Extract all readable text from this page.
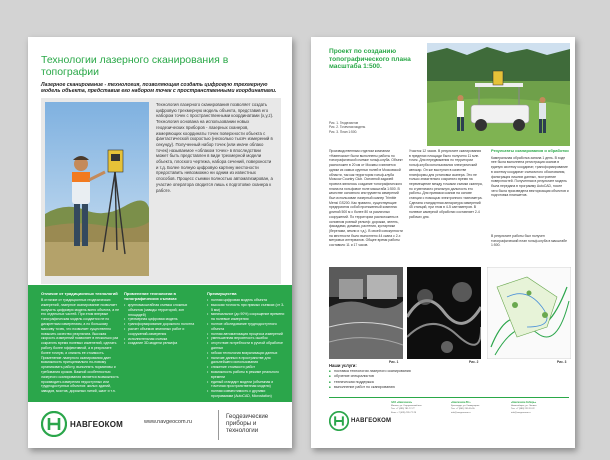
Технологии лазерного сканирования в топографии
Лазерное сканирование - технология, позволяющая создать цифровую трехмерную модель объекта, представив его набором точек с пространственными координатами.
Технология лазерного сканирования позволяет создать цифровую трехмерную модель объекта, представив его набором точек с пространственными координатами (x,y,z). Технология основана на использовании новых геодезических приборов - лазерных сканеров, измеряющих координаты точек поверхности объекта с фантастической скоростью (несколько тысяч измерений в секунду). Полученный набор точек (или иначе облако точек) называемое «облаком точек» в впоследствии может быть представлен в виде трехмерной модели объекта, плоского чертежа, набора сечений, поверхности и т.д. Более полную цифровую картину местоности предоставить невозможно ни одним из известных способов. Процесс съемки полностью автоматизирован, а участие оператора сводится лишь к подготовке сканера к работе.
Отличие от традиционных технологий
В отличие от традиционных геодезических измерений, лазерное сканирование позволяет получить цифровую модель всего объекта, а не его отдельных частей. При этом впервые топографическая модель создается не по дискретным измерениям, а по большому массиву точек, что позволяет существенно повысить качество результата. Высокая скорость измерений позволяет в несколько раз сократить время полевых изменений, сделать работу более эффективной, а в результате более точную, и снизить ее стоимость. Применение лазерного сканирования дает возможность принципиально по-новому организовать работу, выполнять нормативы и требования сроков. Важной особенностью лазерного сканирования является возможность производить измерения недоступных или труднодоступных объектов: жилых зданий, заводов, мостов, дорожных линий, шахт и т.п.
Применение технологии в топографических съемках
• крупномасштабная съемка сложных объектов (заводы территорий, зон площадей)
• трехмерная цифровая модель
• трансформирование дорожного полотна
• расчет объемов земляных работ и сооружений-измерения
• исполнительная съемка
• создание 3D-модели рельефа
Преимущества
• полная цифровая модель объекта
• высокая точность при прямых съемках (от 3-5 мм)
• минимальное (до 90%) сокращение времени на полевые измерения
• полное обследование труднодоступного объекта
• полная автоматизация процесса измерений
• уменьшенная вероятность ошибок
• отсутствие потребности в ручной обработке данных
• гибкая технология визуализации данных
• наличие данных в пространстве для дальнейшего использования
• снижение стоимости работ
• возможность работы в режиме реального времени
• единый стандарт модели (объемная и точечная пространственная модели)
• полная совместимость с другими программами (AutoCAD, Microstation)
НАВГЕОКОМ	www.navgeocom.ru
Геодезические приборы и технологии
Проект по созданию топографического плана масштаба 1:500.
Рис. 1. Геодезистов
Рис. 2. Точечная модель
Рис. 3. План 1:500.
Производственным отделом компании «Навгеоком» были выполнены работы по топографической съемке гольф-клуба. Объект расположен в 20 км от Москвы и является одним из самых крупных полей в Московской области, так как территория гольф-клуба Moscow Country Club. Основной задачей проекта являлось создание топографического плана на гольфовое поле масштаба 1:500. В качестве основного инструмента измерений был использован лазерный сканер Trimble Mensi GS200. Как правило, существующие предприятия собой протяженный комплекс длиной 500 м с более 80 га различных сооружений. По территории расположены в основном ровный рельеф: дорожки, зелень, фасадами, домами, растения, кустарники (берегами, земли и т.д.). В своей совокупности на местности было выполнено 44 скана с 2-х метровых интервалов. Общее время работы составило 11 и 17 часов.
Участок 12 часов. В результате сканирования в пределах площади было получено 11 млн. точек. Для передвижения по территории гольф-клуба использовался электрический автокар. Он же выступил в качестве платформы для установки сканера. Это не только значительно сократило время на перемещение между точками съемки сканера, но и увеличило реальную дальность его работы. Для привязки сканов на основе станции с помощью электронного тахеометра. Сделана стандартная аппаратура измерений 45 станций, при этом в 4-5 сантиметров. В полевое камерной обработки составляет 2-4 рабочих дня.
Результаты сканирования и обработки
Камеральная обработка заняла 1 день. В ходе нее была выполнена регистрация сканов в единую систему координат, трансформирование в систему координат съемочного обоснования, фильтрация лишних данных, построение поверхностей. Полученная в результате модель была передана в программу AutoCAD, после чего была произведена векторизация объектов и подготовка планшетов.
В результате работы был получен топографический план гольф-клуба в масштабе 1:500.
Рис. 1	Рис. 2	Рис. 3
Наши услуги:
■ поставка технологии лазерного сканирования
■ обучение специалистов
■ техническая поддержка
■ выполнение работ по сканированию
НАВГЕОКОМ
ЗАО «Навгеоком»
Москва, ул. Серпуховский вал
Тел: +7 (495) 781-77-77
Факс: +7 (495) 781-77-78
«Навгеоком-Юг»
Краснодар, ул. Коммунаров
Тел: +7 (861) 255-55-55
info@navgeocom.ru
«Навгеоком-Сибирь»
Новосибирск, ул. Ленина
Тел: +7 (383) 222-22-22
info@navgeocom.ru
